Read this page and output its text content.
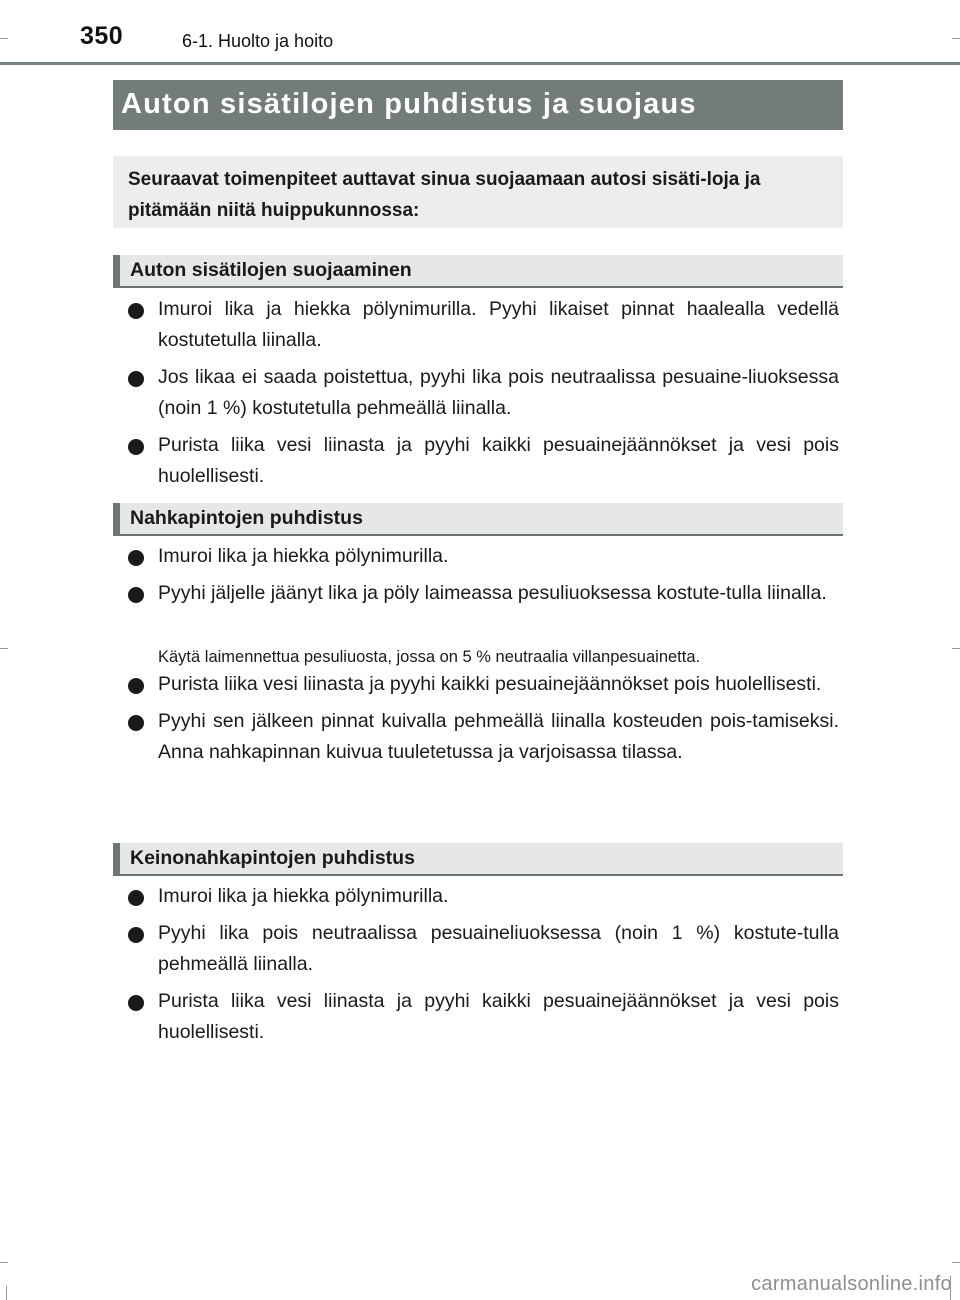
350	6-1. Huolto ja hoito
Auton sisätilojen puhdistus ja suojaus

Seuraavat toimenpiteet auttavat sinua suojaamaan autosi sisäti-loja ja pitämään niitä huippukunnossa:

Auton sisätilojen suojaaminen
Imuroi lika ja hiekka pölynimurilla. Pyyhi likaiset pinnat haalealla vedellä kostutetulla liinalla.
Jos likaa ei saada poistettua, pyyhi lika pois neutraalissa pesuaine-liuoksessa (noin 1 %) kostutetulla pehmeällä liinalla.
Purista liika vesi liinasta ja pyyhi kaikki pesuainejäännökset ja vesi pois huolellisesti.
Nahkapintojen puhdistus
Imuroi lika ja hiekka pölynimurilla.
Pyyhi jäljelle jäänyt lika ja pöly laimeassa pesuliuoksessa kostute-tulla liinalla.

Käytä laimennettua pesuliuosta, jossa on 5 % neutraalia villanpesuainetta.

Purista liika vesi liinasta ja pyyhi kaikki pesuainejäännökset pois huolellisesti.
Pyyhi sen jälkeen pinnat kuivalla pehmeällä liinalla kosteuden pois-tamiseksi. Anna nahkapinnan kuivua tuuletetussa ja varjoisassa tilassa.
Keinonahkapintojen puhdistus
Imuroi lika ja hiekka pölynimurilla.
Pyyhi lika pois neutraalissa pesuaineliuoksessa (noin 1 %) kostute-tulla pehmeällä liinalla.
Purista liika vesi liinasta ja pyyhi kaikki pesuainejäännökset ja vesi pois huolellisesti.
carmanualsonline.info
